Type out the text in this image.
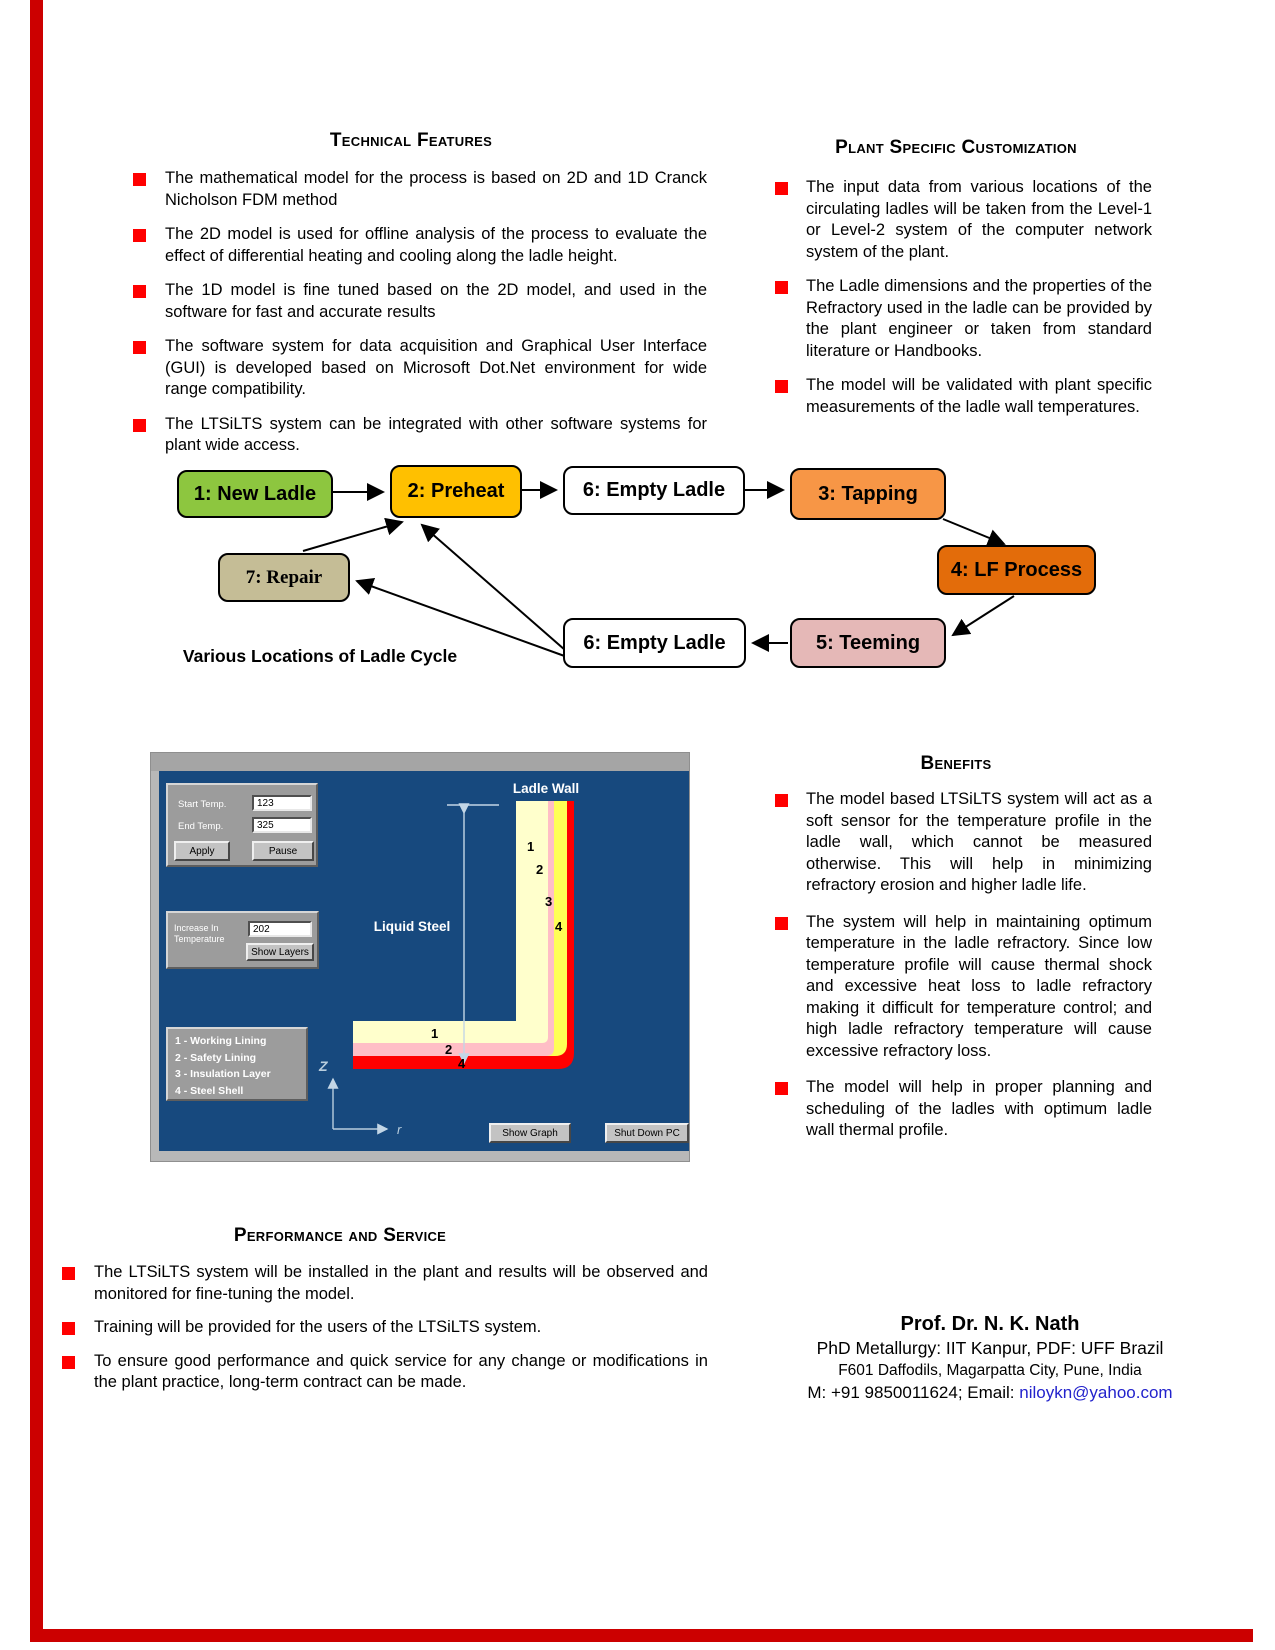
Technical Features
The mathematical model for the process is based on 2D and 1D Cranck Nicholson FDM method
The 2D model is used for offline analysis of the process to evaluate the effect of differential heating and cooling along the ladle height.
The 1D model is fine tuned based on the 2D model, and used in the software for fast and accurate results
The software system for data acquisition and Graphical User Interface (GUI) is developed based on Microsoft Dot.Net environment for wide range compatibility.
The LTSiLTS system can be integrated with other software systems for plant wide access.
Plant Specific Customization
The input data from various locations of the circulating ladles will be taken from the Level-1 or Level-2 system of the computer network system of the plant.
The Ladle dimensions and the properties of the Refractory used in the ladle can be provided by the plant engineer or taken from standard literature or Handbooks.
The model will be validated with plant specific measurements of the ladle wall temperatures.
1: New Ladle	2: Preheat	6: Empty Ladle	3: Tapping
7: Repair	4: LF Process
6: Empty Ladle	5: Teeming
Various Locations of Ladle Cycle
Z
r
Ladle Wall
Liquid Steel
1
2
3
4
1
2
4
Start Temp.
123
End Temp.
325
Apply	Pause
Increase In
Temperature
202
Show Layers
1 - Working Lining
2 - Safety Lining
3 - Insulation Layer
4 - Steel Shell
Show Graph	Shut Down PC
Benefits
The model based LTSiLTS system will act as a soft sensor for the temperature profile in the ladle wall, which cannot be measured otherwise. This will help in minimizing refractory erosion and higher ladle life.
The system will help in maintaining optimum temperature in the ladle refractory. Since low temperature profile will cause thermal shock and excessive heat loss to ladle refractory making it difficult for temperature control; and high ladle refractory temperature will cause excessive refractory loss.
The model will help in proper planning and scheduling of the ladles with optimum ladle wall thermal profile.
Performance and Service
The LTSiLTS system will be installed in the plant and results will be observed and monitored for fine-tuning the model.
Training will be provided for the users of the LTSiLTS system.
To ensure good performance and quick service for any change or modifications in the plant practice, long-term contract can be made.
Prof. Dr. N. K. Nath
PhD Metallurgy: IIT Kanpur, PDF: UFF Brazil
F601 Daffodils, Magarpatta City, Pune, India
M: +91 9850011624; Email: niloykn@yahoo.com
